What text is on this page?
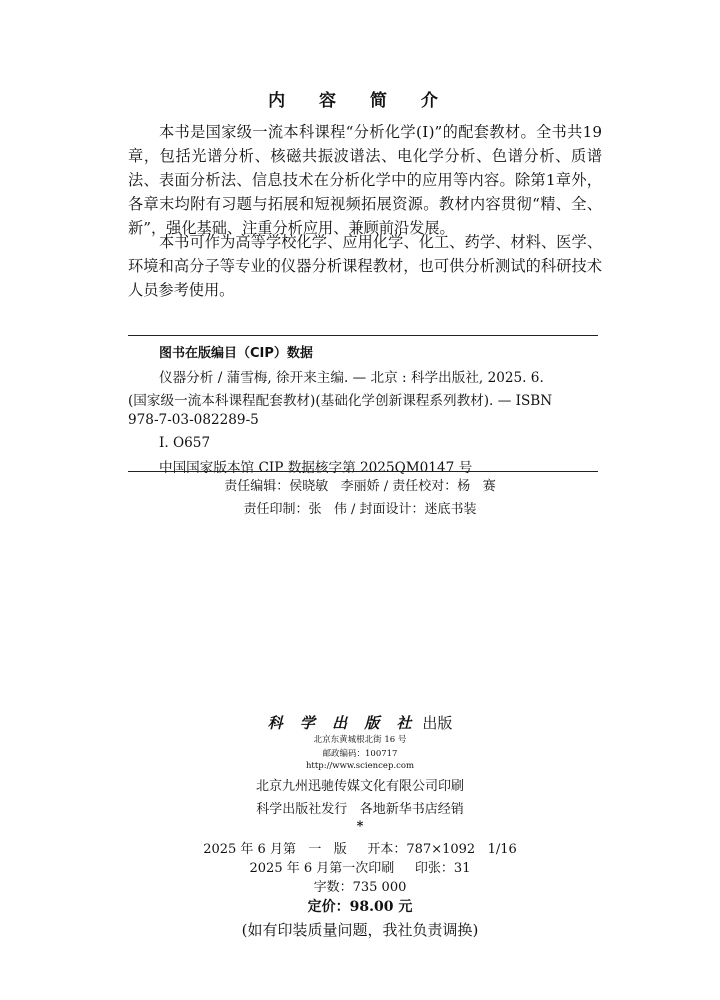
内 容 简 介

本书是国家级一流本科课程“分析化学(Ⅰ)”的配套教材。全书共19章，包括光谱分析、核磁共振波谱法、电化学分析、色谱分析、质谱法、表面分析法、信息技术在分析化学中的应用等内容。除第1章外，各章末均附有习题与拓展和短视频拓展资源。教材内容贯彻“精、全、新”，强化基础、注重分析应用、兼顾前沿发展。

本书可作为高等学校化学、应用化学、化工、药学、材料、医学、环境和高分子等专业的仪器分析课程教材，也可供分析测试的科研技术人员参考使用。

图书在版编目（CIP）数据
仪器分析 / 蒲雪梅, 徐开来主编. — 北京 : 科学出版社, 2025. 6.
(国家级一流本科课程配套教材)(基础化学创新课程系列教材). — ISBN
978-7-03-082289-5
Ⅰ. O657
中国国家版本馆 CIP 数据核字第 2025QM0147 号
责任编辑：侯晓敏   李丽娇 / 责任校对：杨   赛
责任印制：张   伟 / 封面设计：迷底书装
科 学 出 版 社 出版
北京东黄城根北街 16 号
邮政编码：100717
http://www.sciencep.com
北京九州迅驰传媒文化有限公司印刷
科学出版社发行   各地新华书店经销
*
2025 年 6 月第   一   版     开本：787×1092   1/16
2025 年 6 月第一次印刷     印张：31
字数：735 000
定价：98.00 元
(如有印装质量问题，我社负责调换)
